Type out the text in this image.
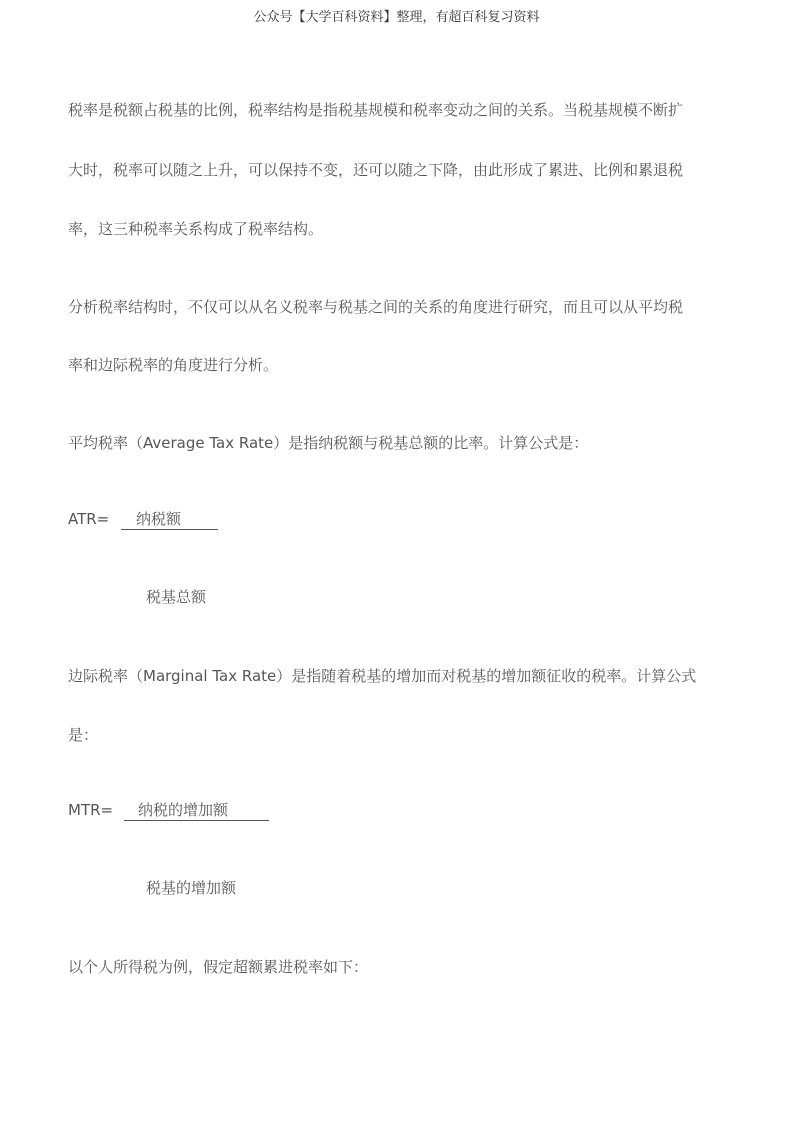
公众号【大学百科资料】整理，有超百科复习资料
税率是税额占税基的比例，税率结构是指税基规模和税率变动之间的关系。当税基规模不断扩
大时，税率可以随之上升，可以保持不变，还可以随之下降，由此形成了累进、比例和累退税
率，这三种税率关系构成了税率结构。
分析税率结构时，不仅可以从名义税率与税基之间的关系的角度进行研究，而且可以从平均税
率和边际税率的角度进行分析。
平均税率（Average Tax Rate）是指纳税额与税基总额的比率。计算公式是：
ATR=	纳税额
税基总额
边际税率（Marginal Tax Rate）是指随着税基的增加而对税基的增加额征收的税率。计算公式
是：
MTR=	纳税的增加额
税基的增加额
以个人所得税为例，假定超额累进税率如下：
